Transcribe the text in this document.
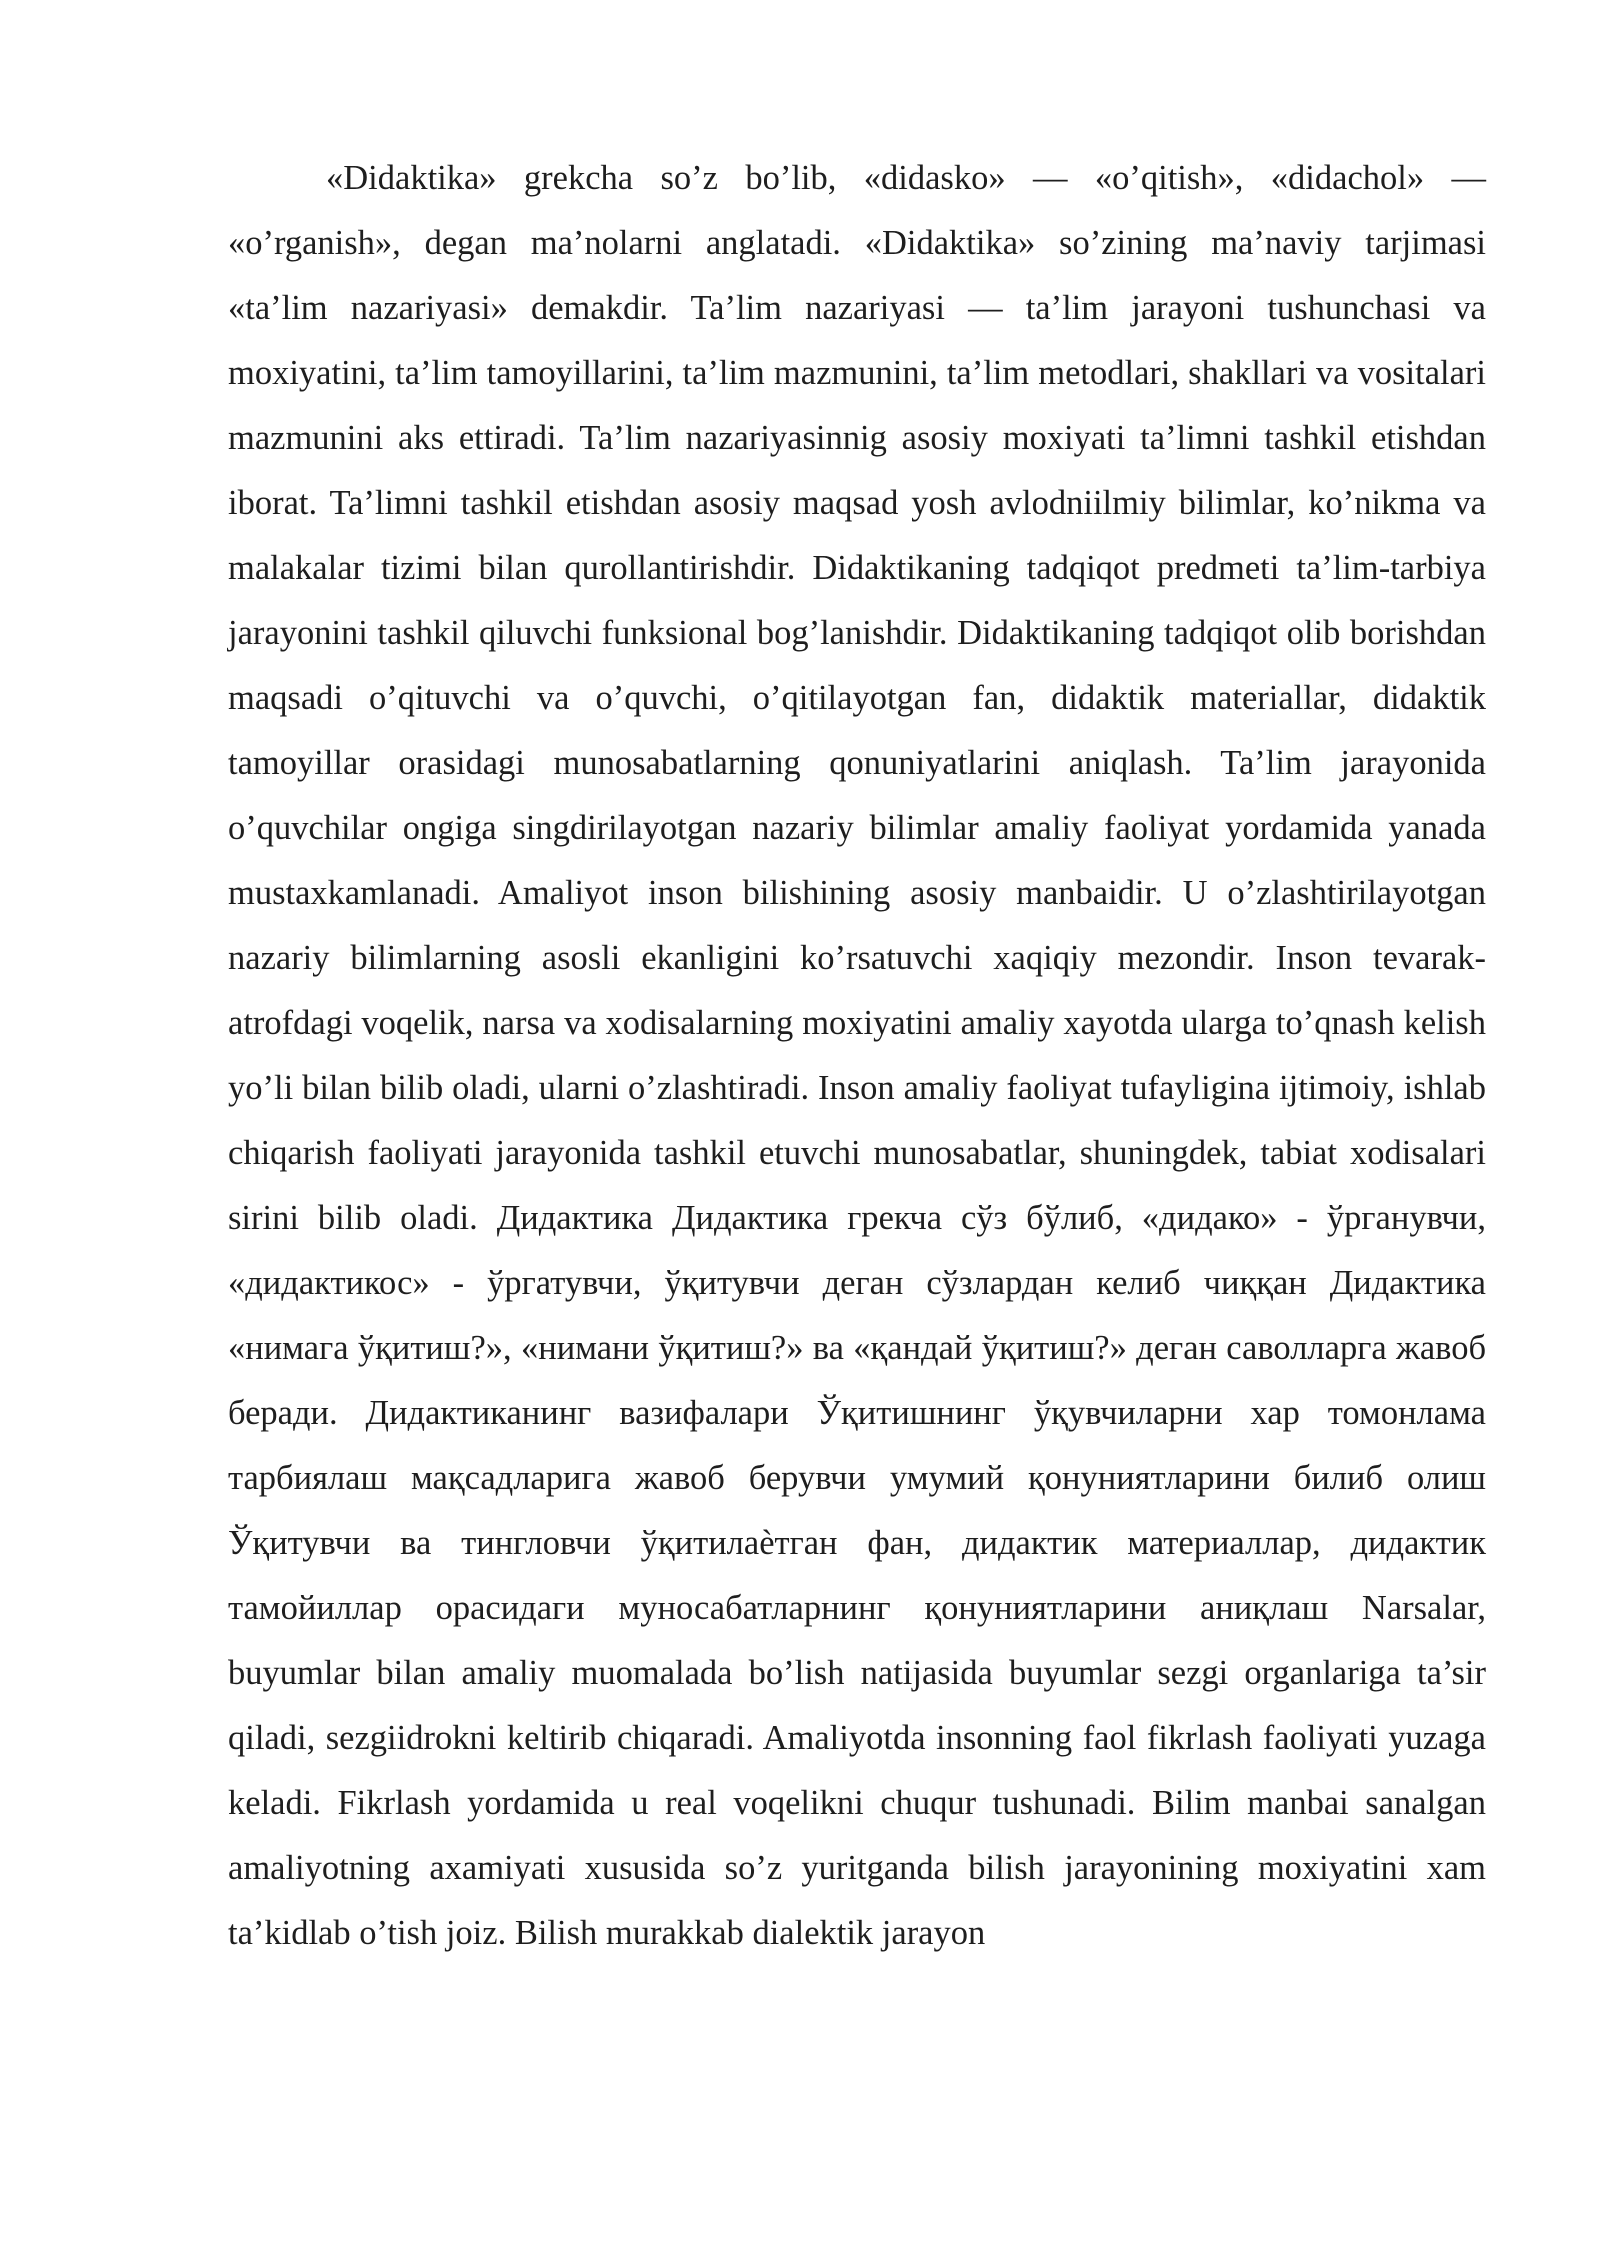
«Didaktika» grekcha so’z bo’lib, «didasko» — «o’qitish», «didachol» — «o’rganish», degan ma’nolarni anglatadi. «Didaktika» so’zining ma’naviy tarjimasi «ta’lim nazariyasi» demakdir. Ta’lim nazariyasi — ta’lim jarayoni tushunchasi va moxiyatini, ta’lim tamoyillarini, ta’lim mazmunini, ta’lim metodlari, shakllari va vositalari mazmunini aks ettiradi. Ta’lim nazariyasinnig asosiy moxiyati ta’limni tashkil etishdan iborat. Ta’limni tashkil etishdan asosiy maqsad yosh avlodniilmiy bilimlar, ko’nikma va malakalar tizimi bilan qurollantirishdir. Didaktikaning tadqiqot predmeti ta’lim-tarbiya jarayonini tashkil qiluvchi funksional bog’lanishdir. Didaktikaning tadqiqot olib borishdan maqsadi o’qituvchi va o’quvchi, o’qitilayotgan fan, didaktik materiallar, didaktik tamoyillar orasidagi munosabatlarning qonuniyatlarini aniqlash. Ta’lim jarayonida o’quvchilar ongiga singdirilayotgan nazariy bilimlar amaliy faoliyat yordamida yanada mustaxkamlanadi. Amaliyot inson bilishining asosiy manbaidir. U o’zlashtirilayotgan nazariy bilimlarning asosli ekanligini ko’rsatuvchi xaqiqiy mezondir. Inson tevarak-atrofdagi voqelik, narsa va xodisalarning moxiyatini amaliy xayotda ularga to’qnash kelish yo’li bilan bilib oladi, ularni o’zlashtiradi. Inson amaliy faoliyat tufayligina ijtimoiy, ishlab chiqarish faoliyati jarayonida tashkil etuvchi munosabatlar, shuningdek, tabiat xodisalari sirini bilib oladi. Дидактика Дидактика грекча сўз бўлиб, «дидако» - ўрганувчи, «дидактикос» - ўргатувчи, ўқитувчи деган сўзлардан келиб чиққан Дидактика «нимага ўқитиш?», «нимани ўқитиш?» ва «қандай ўқитиш?» деган саволларга жавоб беради. Дидактиканинг вазифалари Ўқитишнинг ўқувчиларни хар томонлама тарбиялаш мақсадларига жавоб берувчи умумий қонуниятларини билиб олиш Ўқитувчи ва тингловчи ўқитилаѐтган фан, дидактик материаллар, дидактик тамойиллар орасидаги муносабатларнинг қонуниятларини аниқлаш Narsalar, buyumlar bilan amaliy muomalada bo’lish natijasida buyumlar sezgi organlariga ta’sir qiladi, sezgiidrokni keltirib chiqaradi. Amaliyotda insonning faol fikrlash faoliyati yuzaga keladi. Fikrlash yordamida u real voqelikni chuqur tushunadi. Bilim manbai sanalgan amaliyotning axamiyati xususida so’z yuritganda bilish jarayonining moxiyatini xam ta’kidlab o’tish joiz. Bilish murakkab dialektik jarayon
